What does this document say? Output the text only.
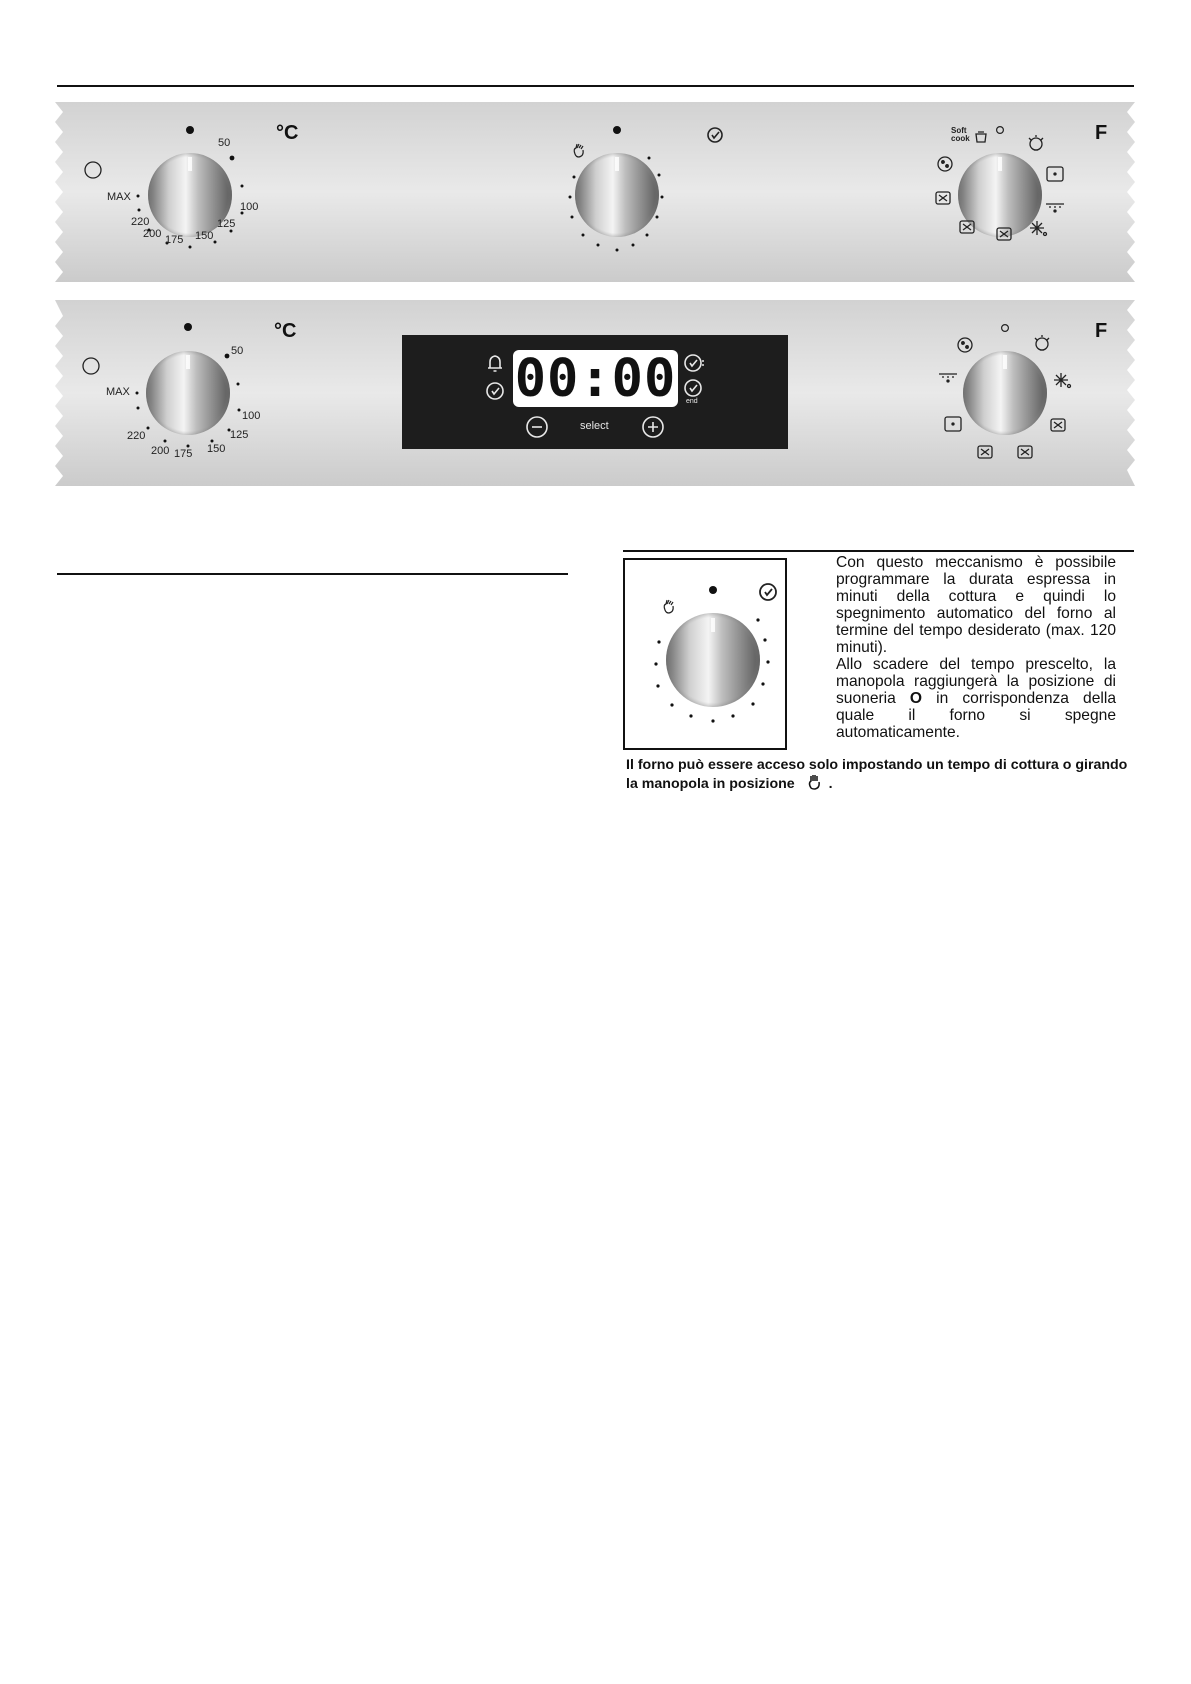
50
100
125
150
175
200
220
MAX
°C	Soft
cook	F
50
100
125
150
175
200
220
MAX
°C	F
end
00:00
select

Con questo meccanismo è possibile programmare la durata espressa in minuti della cottura e quindi lo spegnimento automatico del forno al termine del tempo desiderato (max. 120 minuti).

Allo scadere del tempo prescelto, la manopola raggiungerà la posizione di suoneria O in corrispondenza della quale il forno si spegne automaticamente.

Il forno può essere acceso solo impostando un tempo di cottura o girando la manopola in posizione .
